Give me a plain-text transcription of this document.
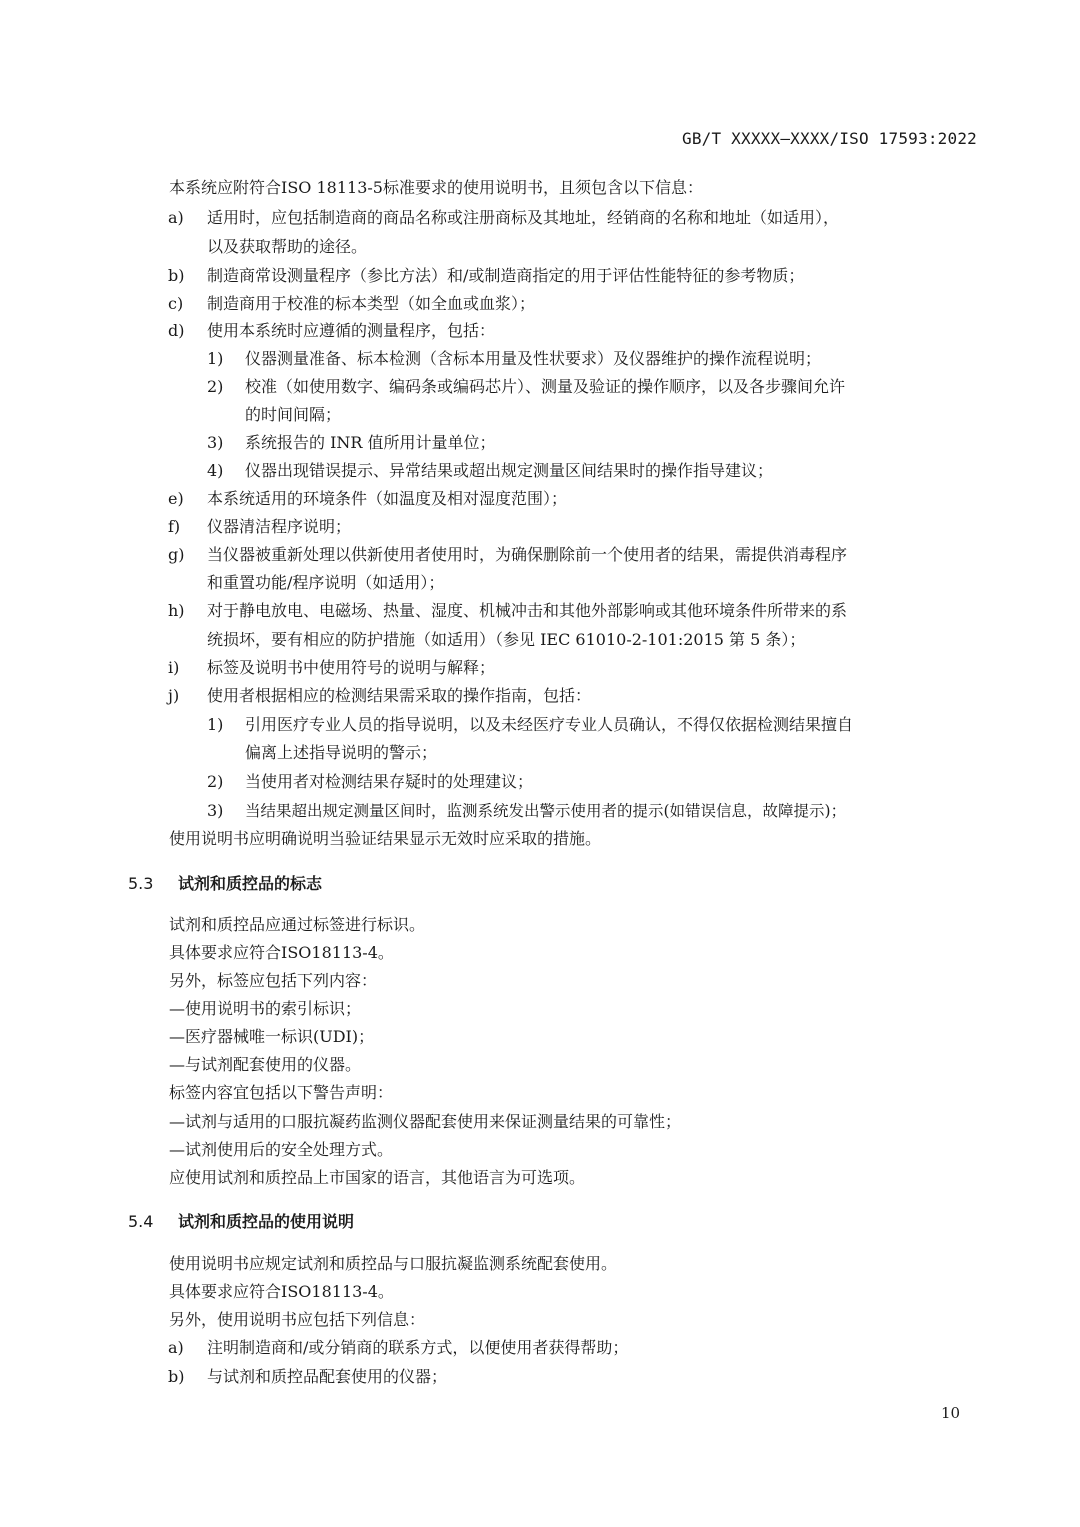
GB/T XXXXX—XXXX/ISO 17593:2022
本系统应附符合ISO 18113-5标准要求的使用说明书，且须包含以下信息：
a) 适用时，应包括制造商的商品名称或注册商标及其地址，经销商的名称和地址（如适用），
以及获取帮助的途径。
b) 制造商常设测量程序（参比方法）和/或制造商指定的用于评估性能特征的参考物质；
c) 制造商用于校准的标本类型（如全血或血浆）；
d) 使用本系统时应遵循的测量程序，包括：
1) 仪器测量准备、标本检测（含标本用量及性状要求）及仪器维护的操作流程说明；
2) 校准（如使用数字、编码条或编码芯片）、测量及验证的操作顺序，以及各步骤间允许
的时间间隔；
3) 系统报告的 INR 值所用计量单位；
4) 仪器出现错误提示、异常结果或超出规定测量区间结果时的操作指导建议；
e) 本系统适用的环境条件（如温度及相对湿度范围）；
f) 仪器清洁程序说明；
g) 当仪器被重新处理以供新使用者使用时，为确保删除前一个使用者的结果，需提供消毒程序
和重置功能/程序说明（如适用）；
h) 对于静电放电、电磁场、热量、湿度、机械冲击和其他外部影响或其他环境条件所带来的系
统损坏，要有相应的防护措施（如适用）（参见 IEC 61010-2-101:2015 第 5 条）；
i) 标签及说明书中使用符号的说明与解释；
j) 使用者根据相应的检测结果需采取的操作指南，包括：
1) 引用医疗专业人员的指导说明，以及未经医疗专业人员确认，不得仅依据检测结果擅自
偏离上述指导说明的警示；
2) 当使用者对检测结果存疑时的处理建议；
3) 当结果超出规定测量区间时，监测系统发出警示使用者的提示(如错误信息，故障提示)；
使用说明书应明确说明当验证结果显示无效时应采取的措施。
5.3 试剂和质控品的标志
试剂和质控品应通过标签进行标识。
具体要求应符合ISO18113-4。
另外，标签应包括下列内容：
—使用说明书的索引标识；
—医疗器械唯一标识(UDI)；
—与试剂配套使用的仪器。
标签内容宜包括以下警告声明：
—试剂与适用的口服抗凝药监测仪器配套使用来保证测量结果的可靠性；
—试剂使用后的安全处理方式。
应使用试剂和质控品上市国家的语言，其他语言为可选项。
5.4 试剂和质控品的使用说明
使用说明书应规定试剂和质控品与口服抗凝监测系统配套使用。
具体要求应符合ISO18113-4。
另外，使用说明书应包括下列信息：
a) 注明制造商和/或分销商的联系方式，以便使用者获得帮助；
b) 与试剂和质控品配套使用的仪器；
10
